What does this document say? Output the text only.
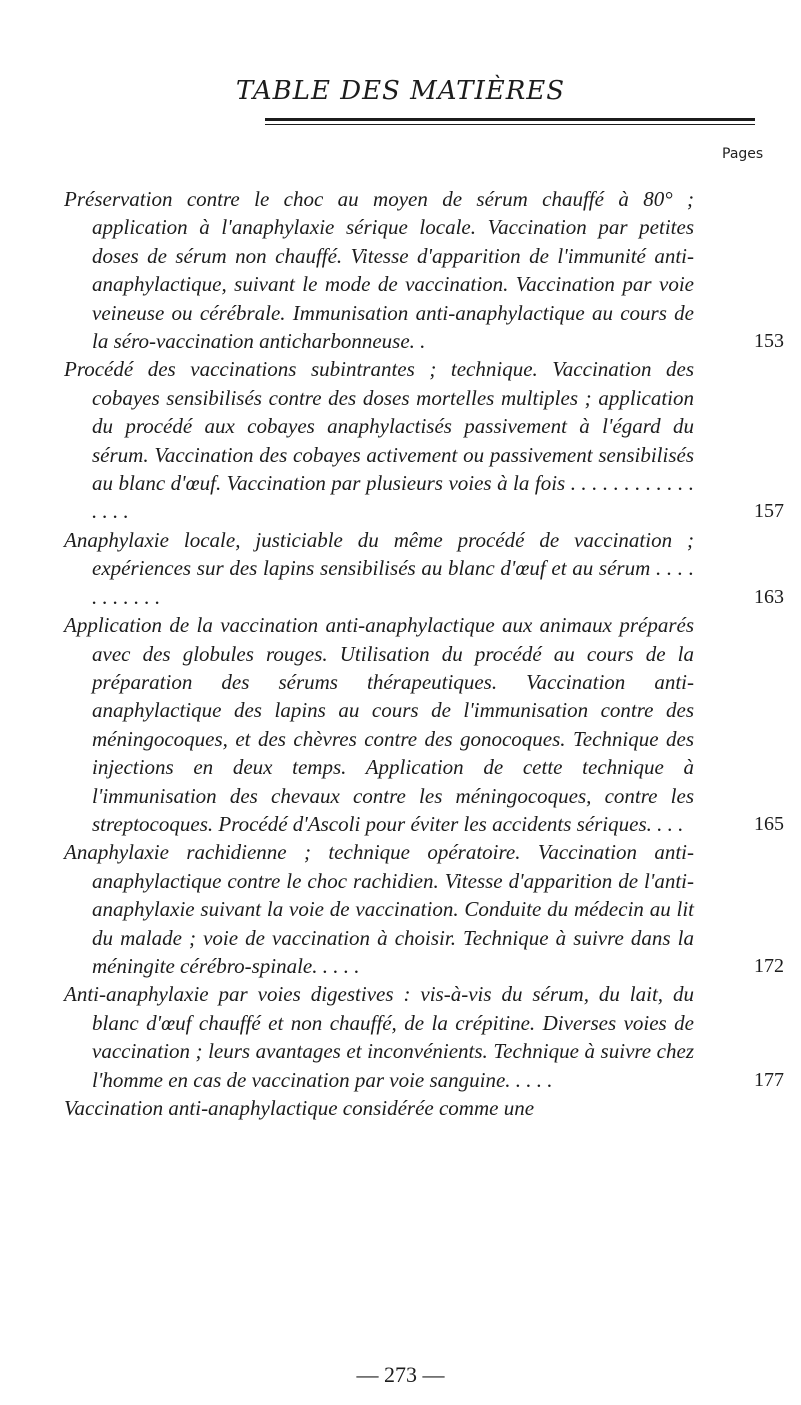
TABLE DES MATIÈRES
Pages
Préservation contre le choc au moyen de sérum chauffé à 80° ; application à l'anaphylaxie sérique locale. Vaccination par petites doses de sérum non chauffé. Vitesse d'apparition de l'immunité anti-anaphylactique, suivant le mode de vaccination. Vaccination par voie veineuse ou cérébrale. Immunisation anti-anaphylactique au cours de la séro-vaccination anticharbonneuse. .	153
Procédé des vaccinations subintrantes ; technique. Vaccination des cobayes sensibilisés contre des doses mortelles multiples ; application du procédé aux cobayes anaphylactisés passivement à l'égard du sérum. Vaccination des cobayes activement ou passivement sensibilisés au blanc d'œuf. Vaccination par plusieurs voies à la fois . . . . . . . . . . . . . . . .	157
Anaphylaxie locale, justiciable du même procédé de vaccination ; expériences sur des lapins sensibilisés au blanc d'œuf et au sérum . . . . . . . . . . .	163
Application de la vaccination anti-anaphylactique aux animaux préparés avec des globules rouges. Utilisation du procédé au cours de la préparation des sérums thérapeutiques. Vaccination anti-anaphylactique des lapins au cours de l'immunisation contre des méningocoques, et des chèvres contre des gonocoques. Technique des injections en deux temps. Application de cette technique à l'immunisation des chevaux contre les méningocoques, contre les streptocoques. Procédé d'Ascoli pour éviter les accidents sériques. . . .	165
Anaphylaxie rachidienne ; technique opératoire. Vaccination anti-anaphylactique contre le choc rachidien. Vitesse d'apparition de l'anti-anaphylaxie suivant la voie de vaccination. Conduite du médecin au lit du malade ; voie de vaccination à choisir. Technique à suivre dans la méningite cérébro-spinale. . . . .	172
Anti-anaphylaxie par voies digestives : vis-à-vis du sérum, du lait, du blanc d'œuf chauffé et non chauffé, de la crépitine. Diverses voies de vaccination ; leurs avantages et inconvénients. Technique à suivre chez l'homme en cas de vaccination par voie sanguine. . . . .	177
Vaccination anti-anaphylactique considérée comme une
— 273 —
